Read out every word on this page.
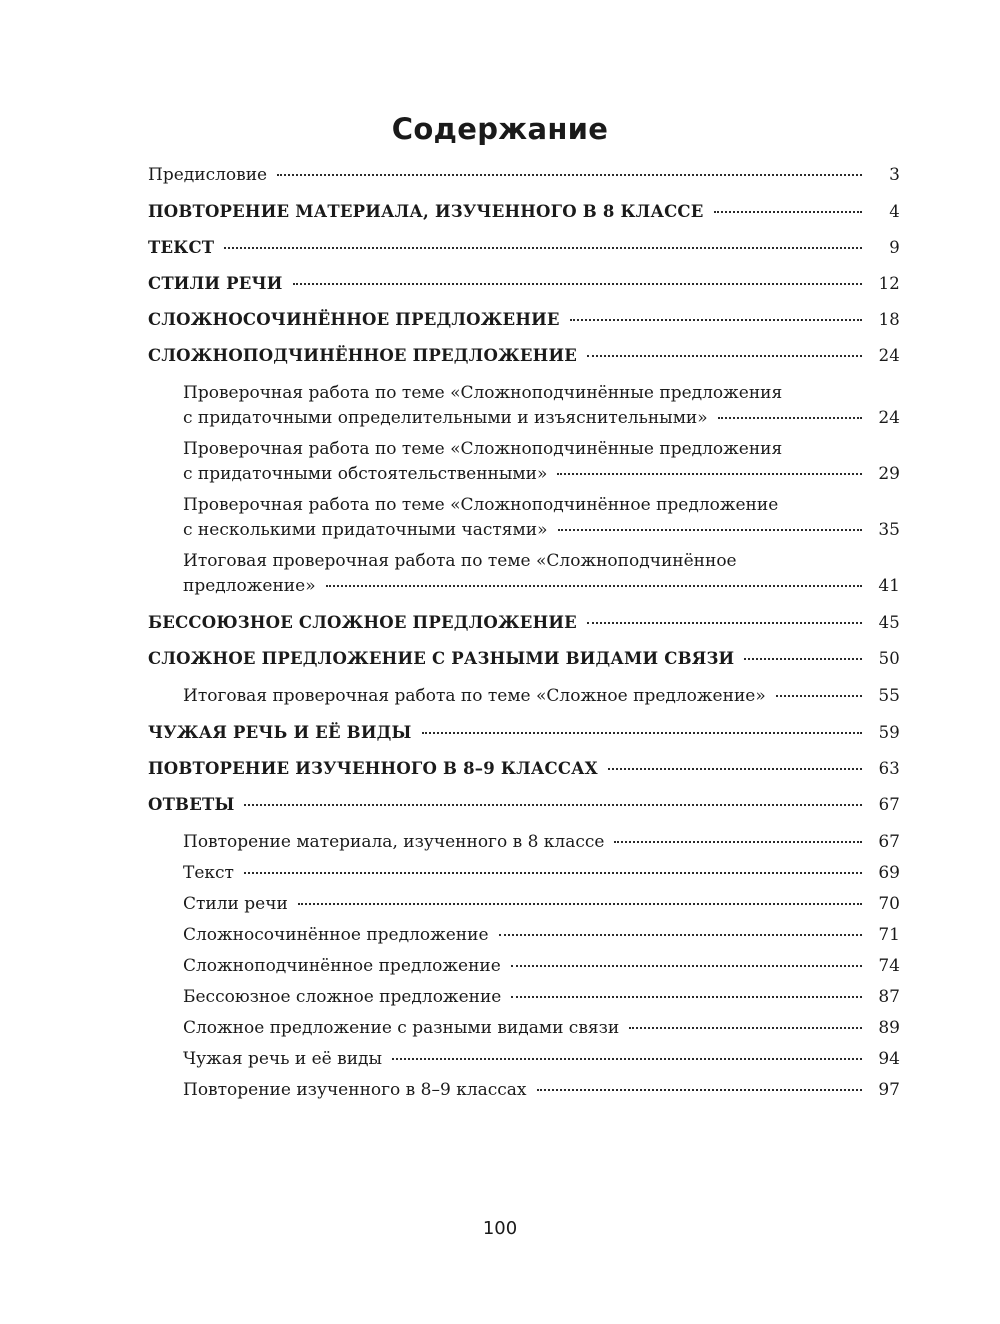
Содержание
Предисловие	3
ПОВТОРЕНИЕ МАТЕРИАЛА, ИЗУЧЕННОГО В 8 КЛАССЕ	4
ТЕКСТ	9
СТИЛИ РЕЧИ	12
СЛОЖНОСОЧИНЁННОЕ ПРЕДЛОЖЕНИЕ	18
СЛОЖНОПОДЧИНЁННОЕ ПРЕДЛОЖЕНИЕ	24
Проверочная работа по теме «Сложноподчинённые предложения
с придаточными определительными и изъяснительными»	24
Проверочная работа по теме «Сложноподчинённые предложения
с придаточными обстоятельственными»	29
Проверочная работа по теме «Сложноподчинённое предложение
с несколькими придаточными частями»	35
Итоговая проверочная работа по теме «Сложноподчинённое
предложение»	41
БЕССОЮЗНОЕ СЛОЖНОЕ ПРЕДЛОЖЕНИЕ	45
СЛОЖНОЕ ПРЕДЛОЖЕНИЕ С РАЗНЫМИ ВИДАМИ СВЯЗИ	50
Итоговая проверочная работа по теме «Сложное предложение»	55
ЧУЖАЯ РЕЧЬ И ЕЁ ВИДЫ	59
ПОВТОРЕНИЕ ИЗУЧЕННОГО В 8–9 КЛАССАХ	63
ОТВЕТЫ	67
Повторение материала, изученного в 8 классе	67
Текст	69
Стили речи	70
Сложносочинённое предложение	71
Сложноподчинённое предложение	74
Бессоюзное сложное предложение	87
Сложное предложение с разными видами связи	89
Чужая речь и её виды	94
Повторение изученного в 8–9 классах	97
100
